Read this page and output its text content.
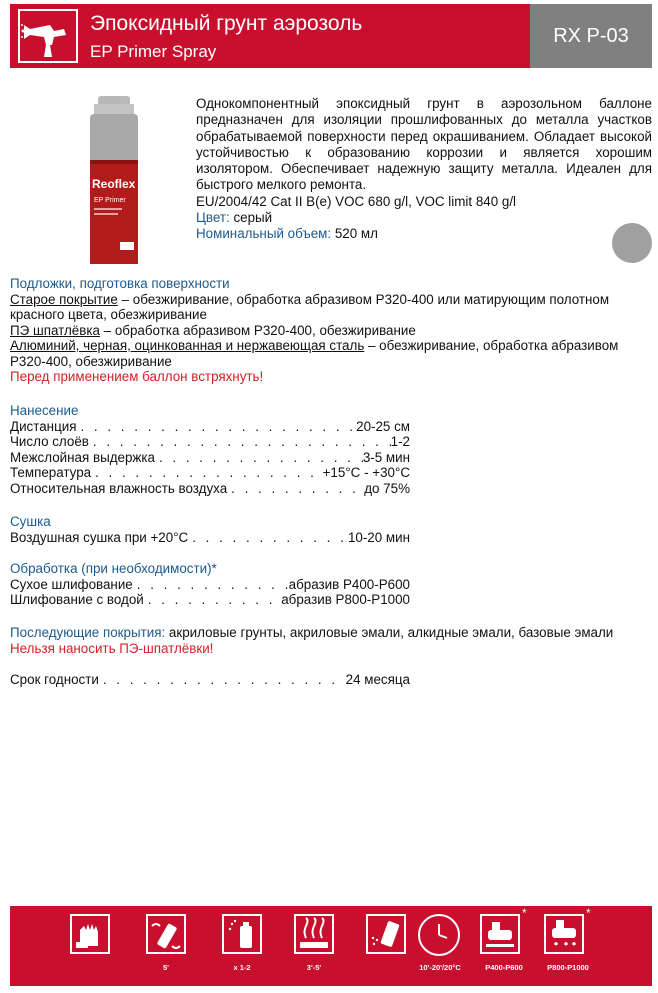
Эпоксидный грунт аэрозоль
EP Primer Spray
RX P-03
Reoflex
EP Primer

Однокомпонентный эпоксидный грунт в аэрозольном баллоне предназначен для изоляции прошлифованных до металла участков обрабатываемой поверхности перед окрашиванием. Обладает высокой устойчивостью к образованию коррозии и является хорошим изолятором. Обеспечивает надежную защиту металла. Идеален для быстрого мелкого ремонта.

EU/2004/42 Cat II B(e) VOC 680 g/l, VOC limit 840 g/l

Цвет: серый

Номинальный объем: 520 мл

Подложки, подготовка поверхности

Старое покрытие – обезжиривание, обработка абразивом P320-400 или матирующим полотном красного цвета, обезжиривание

ПЭ шпатлёвка – обработка абразивом P320-400, обезжиривание

Алюминий, черная, оцинкованная и нержавеющая сталь – обезжиривание, обработка абразивом P320-400, обезжиривание

Перед применением баллон встряхнуть!

Нанесение
Дистанция . . .	20-25 см
Число слоёв . . .	1-2
Межслойная выдержка . . .	3-5 мин
Температура . . .	+15°C - +30°C
Относительная влажность воздуха . . .	до 75%
Сушка
Воздушная сушка при +20°C . . .	10-20 мин
Обработка (при необходимости)*
Сухое шлифование . . .	абразив P400-P600
Шлифование с водой . . .	абразив P800-P1000

Последующие покрытия: акриловые грунты, акриловые эмали, алкидные эмали, базовые эмали

Нельзя наносить ПЭ-шпатлёвки!

Срок годности . . .	24 месяца
5'	x 1-2	3'-5'	10'-20'/20°C	P400-P600
*
P800-P1000
*
